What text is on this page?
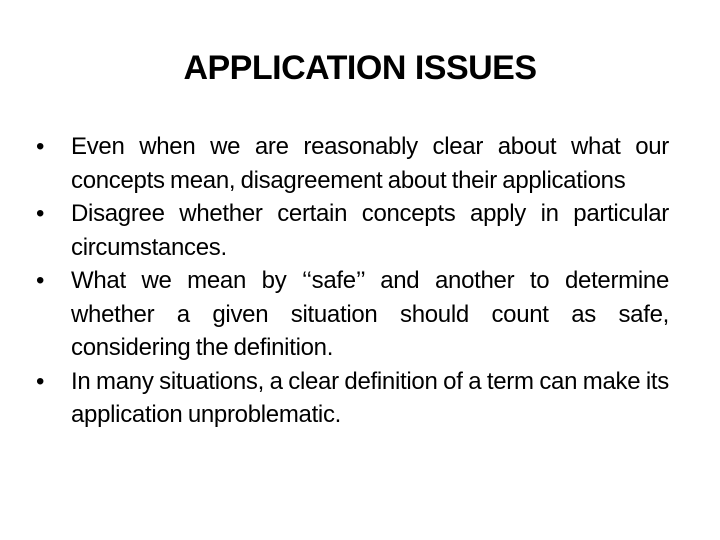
APPLICATION ISSUES
•	Even when we are reasonably clear about what our concepts mean, disagreement about their applications
•	Disagree whether certain concepts apply in particular circumstances.
•	What we mean by ‘‘safe’’ and another to determine whether a given situation should count as safe, considering the definition.
•	In many situations, a clear definition of a term can make its application unproblematic.
